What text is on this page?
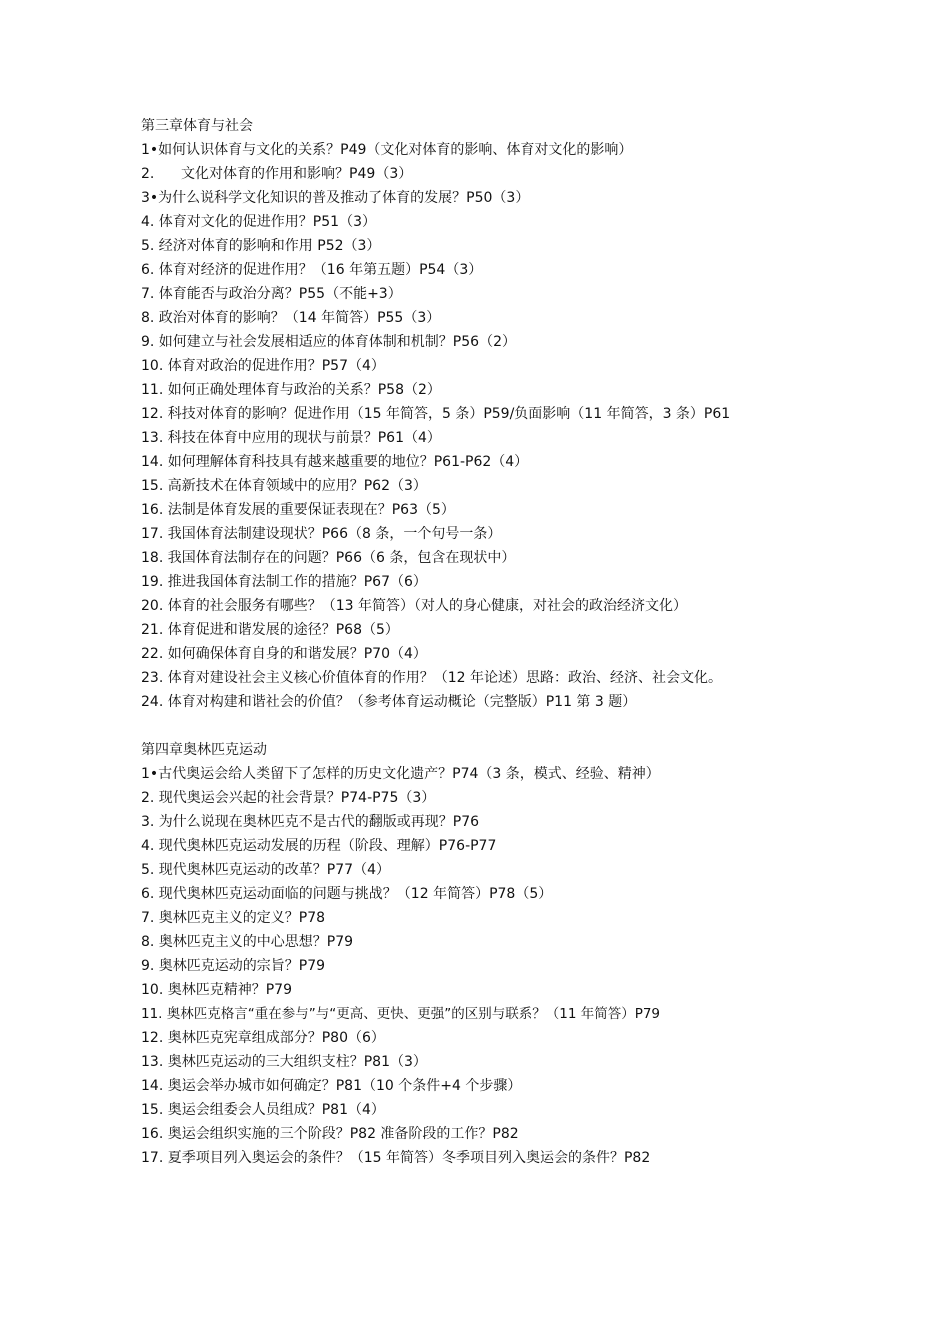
第三章体育与社会
1•如何认识体育与文化的关系？P49（文化对体育的影响、体育对文化的影响）
2.      文化对体育的作用和影响？P49（3）
3•为什么说科学文化知识的普及推动了体育的发展？P50（3）
4. 体育对文化的促进作用？P51（3）
5. 经济对体育的影响和作用 P52（3）
6. 体育对经济的促进作用？（16 年第五题）P54（3）
7. 体育能否与政治分离？P55（不能+3）
8. 政治对体育的影响？（14 年简答）P55（3）
9. 如何建立与社会发展相适应的体育体制和机制？P56（2）
10. 体育对政治的促进作用？P57（4）
11. 如何正确处理体育与政治的关系？P58（2）
12. 科技对体育的影响？促进作用（15 年简答，5 条）P59/负面影响（11 年简答，3 条）P61
13. 科技在体育中应用的现状与前景？P61（4）
14. 如何理解体育科技具有越来越重要的地位？P61-P62（4）
15. 高新技术在体育领域中的应用？P62（3）
16. 法制是体育发展的重要保证表现在？P63（5）
17. 我国体育法制建设现状？P66（8 条，一个句号一条）
18. 我国体育法制存在的问题？P66（6 条，包含在现状中）
19. 推进我国体育法制工作的措施？P67（6）
20. 体育的社会服务有哪些？（13 年简答）（对人的身心健康，对社会的政治经济文化）
21. 体育促进和谐发展的途径？P68（5）
22. 如何确保体育自身的和谐发展？P70（4）
23. 体育对建设社会主义核心价值体育的作用？（12 年论述）思路：政治、经济、社会文化。
24. 体育对构建和谐社会的价值？（参考体育运动概论（完整版）P11 第 3 题）
第四章奥林匹克运动
1•古代奥运会给人类留下了怎样的历史文化遗产？P74（3 条，模式、经验、精神）
2. 现代奥运会兴起的社会背景？P74-P75（3）
3. 为什么说现在奥林匹克不是古代的翻版或再现？P76
4. 现代奥林匹克运动发展的历程（阶段、理解）P76-P77
5. 现代奥林匹克运动的改革？P77（4）
6. 现代奥林匹克运动面临的问题与挑战？（12 年简答）P78（5）
7. 奥林匹克主义的定义？P78
8. 奥林匹克主义的中心思想？P79
9. 奥林匹克运动的宗旨？P79
10. 奥林匹克精神？P79
11. 奥林匹克格言“重在参与”与“更高、更快、更强”的区别与联系？（11 年简答）P79
12. 奥林匹克宪章组成部分？P80（6）
13. 奥林匹克运动的三大组织支柱？P81（3）
14. 奥运会举办城市如何确定？P81（10 个条件+4 个步骤）
15. 奥运会组委会人员组成？P81（4）
16. 奥运会组织实施的三个阶段？P82 准备阶段的工作？P82
17. 夏季项目列入奥运会的条件？（15 年简答）冬季项目列入奥运会的条件？P82
